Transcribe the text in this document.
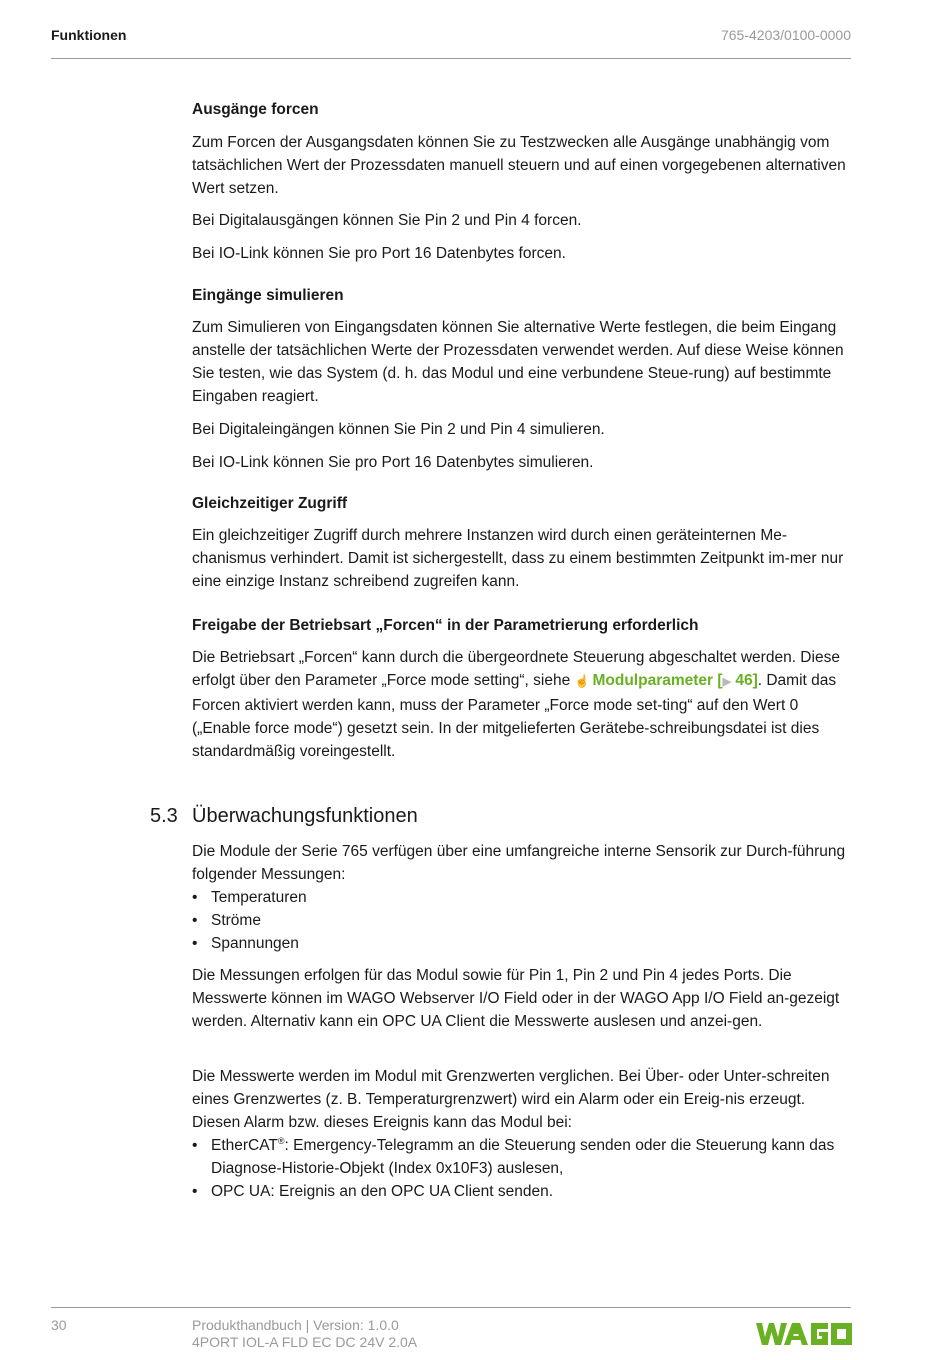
Funktionen	765-4203/0100-0000
Ausgänge forcen

Zum Forcen der Ausgangsdaten können Sie zu Testzwecken alle Ausgänge unabhängig vom tatsächlichen Wert der Prozessdaten manuell steuern und auf einen vorgegebenen alternativen Wert setzen.

Bei Digitalausgängen können Sie Pin 2 und Pin 4 forcen.

Bei IO-Link können Sie pro Port 16 Datenbytes forcen.

Eingänge simulieren

Zum Simulieren von Eingangsdaten können Sie alternative Werte festlegen, die beim Eingang anstelle der tatsächlichen Werte der Prozessdaten verwendet werden. Auf diese Weise können Sie testen, wie das System (d. h. das Modul und eine verbundene Steue-rung) auf bestimmte Eingaben reagiert.

Bei Digitaleingängen können Sie Pin 2 und Pin 4 simulieren.

Bei IO-Link können Sie pro Port 16 Datenbytes simulieren.

Gleichzeitiger Zugriff

Ein gleichzeitiger Zugriff durch mehrere Instanzen wird durch einen geräteinternen Me-chanismus verhindert. Damit ist sichergestellt, dass zu einem bestimmten Zeitpunkt im-mer nur eine einzige Instanz schreibend zugreifen kann.

Freigabe der Betriebsart „Forcen“ in der Parametrierung erforderlich

Die Betriebsart „Forcen“ kann durch die übergeordnete Steuerung abgeschaltet werden. Diese erfolgt über den Parameter „Force mode setting“, siehe ☝ Modulparameter [▶ 46]. Damit das Forcen aktiviert werden kann, muss der Parameter „Force mode set-ting“ auf den Wert 0 („Enable force mode“) gesetzt sein. In der mitgelieferten Gerätebe-schreibungsdatei ist dies standardmäßig voreingestellt.

5.3 Überwachungsfunktionen

Die Module der Serie 765 verfügen über eine umfangreiche interne Sensorik zur Durch-führung folgender Messungen:

• Temperaturen
• Ströme
• Spannungen

Die Messungen erfolgen für das Modul sowie für Pin 1, Pin 2 und Pin 4 jedes Ports. Die Messwerte können im WAGO Webserver I/O Field oder in der WAGO App I/O Field an-gezeigt werden. Alternativ kann ein OPC UA Client die Messwerte auslesen und anzei-gen.

Die Messwerte werden im Modul mit Grenzwerten verglichen. Bei Über- oder Unter-schreiten eines Grenzwertes (z. B. Temperaturgrenzwert) wird ein Alarm oder ein Ereig-nis erzeugt. Diesen Alarm bzw. dieses Ereignis kann das Modul bei:

• EtherCAT®: Emergency-Telegramm an die Steuerung senden oder die Steuerung kann das Diagnose-Historie-Objekt (Index 0x10F3) auslesen,
• OPC UA: Ereignis an den OPC UA Client senden.
30	Produkthandbuch | Version: 1.0.0
4PORT IOL-A FLD EC DC 24V 2.0A
